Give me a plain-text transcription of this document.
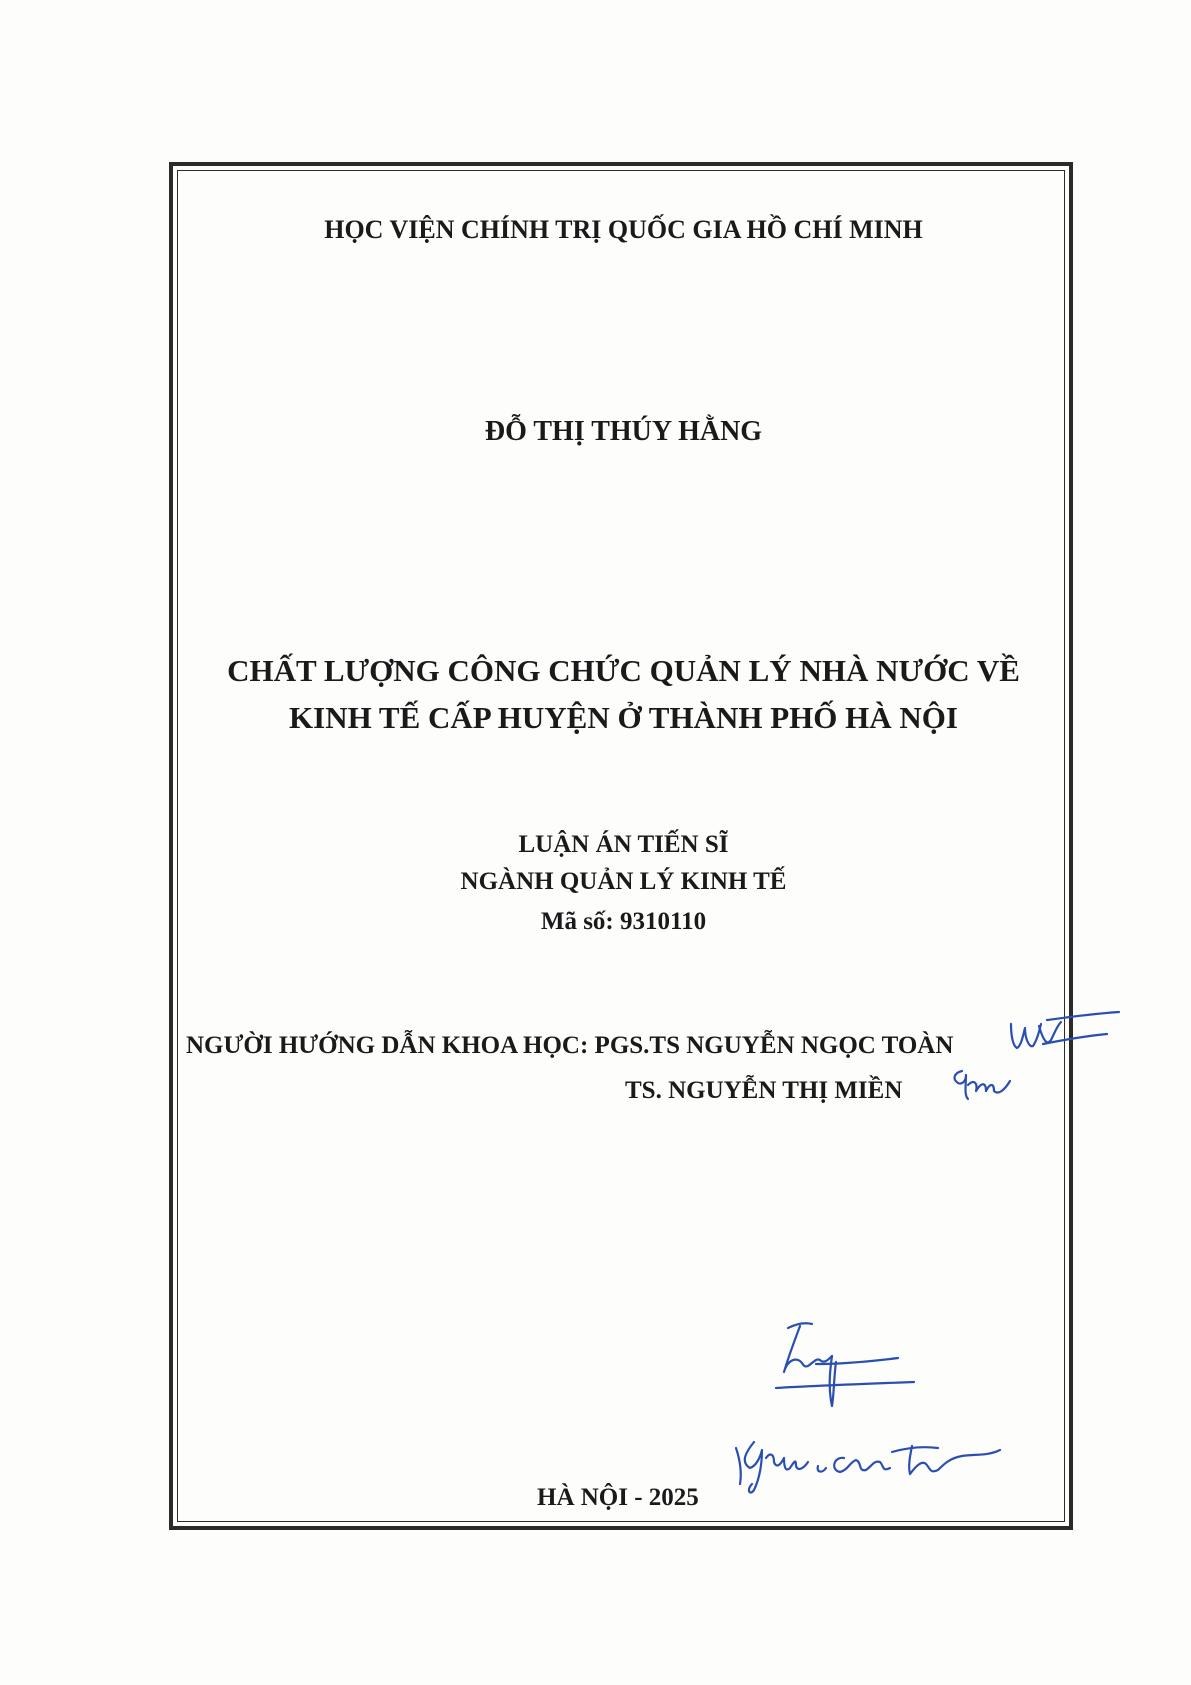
HỌC VIỆN CHÍNH TRỊ QUỐC GIA HỒ CHÍ MINH
ĐỖ THỊ THÚY HẰNG
CHẤT LƯỢNG CÔNG CHỨC QUẢN LÝ NHÀ NƯỚC VỀ
KINH TẾ CẤP HUYỆN Ở THÀNH PHỐ HÀ NỘI
LUẬN ÁN TIẾN SĨ
NGÀNH QUẢN LÝ KINH TẾ
Mã số: 9310110
NGƯỜI HƯỚNG DẪN KHOA HỌC: PGS.TS NGUYỄN NGỌC TOÀN
TS. NGUYỄN THỊ MIỀN
HÀ NỘI - 2025
